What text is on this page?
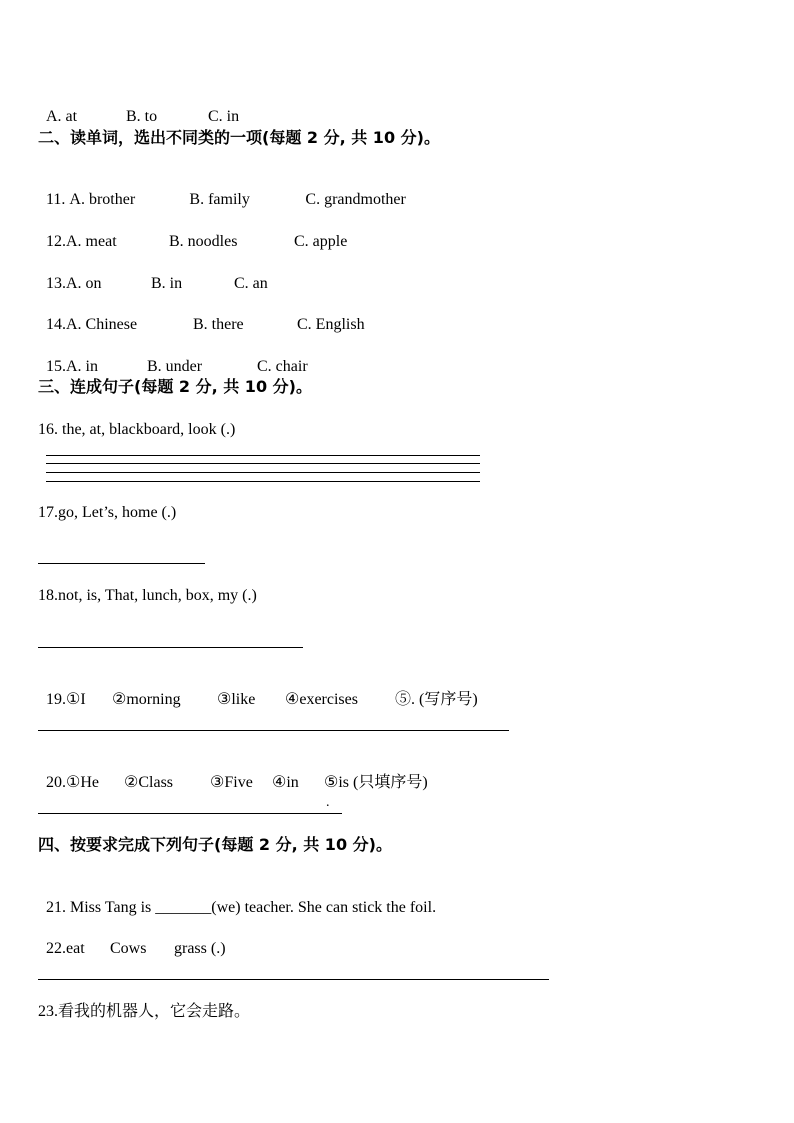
A. at	B. to	C. in

二、读单词，选出不同类的一项(每题 2 分, 共 10 分)。

11. A. brother	B. family	C. grandmother

12.A. meat	B. noodles	C. apple

13.A. on	B. in	C. an

14.A. Chinese	B. there	C. English

15.A. in	B. under	C. chair

三、连成句子(每题 2 分, 共 10 分)。
16. the, at, blackboard, look (.)
17.go, Let’s, home (.)
18.not, is, That, lunch, box, my (.)

19.①I ②morning ③like ④exercises ⑤. (写序号)

20.①He ②Class ③Five ④in ⑤is (只填序号)

.
四、按要求完成下列句子(每题 2 分, 共 10 分)。

21. Miss Tang is _______(we) teacher. She can stick the foil.

22.eat Cows grass (.)

23.看我的机器人，它会走路。
